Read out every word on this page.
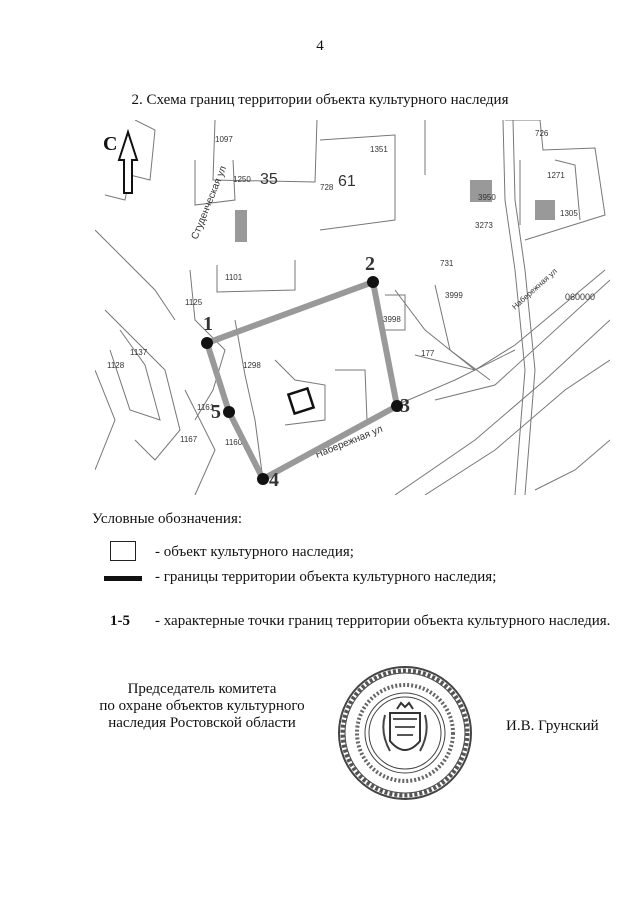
4
2. Схема границ территории объекта культурного наследия
1097
1351
726
1250 35	728 61	1271
1305
3950
3273
1101
731
3999	060000
1125
3998
1137
1128	1298
177
1161
1160
1167
Студенческая ул
Набережная ул
Набережная ул
С
1
2
3
4
5
Условные обозначения:
- объект культурного наследия;
- границы территории объекта культурного наследия;
1-5 - характерные точки границ территории объекта культурного наследия.
Председатель комитета
по охране объектов культурного
наследия Ростовской области	И.В. Грунский
